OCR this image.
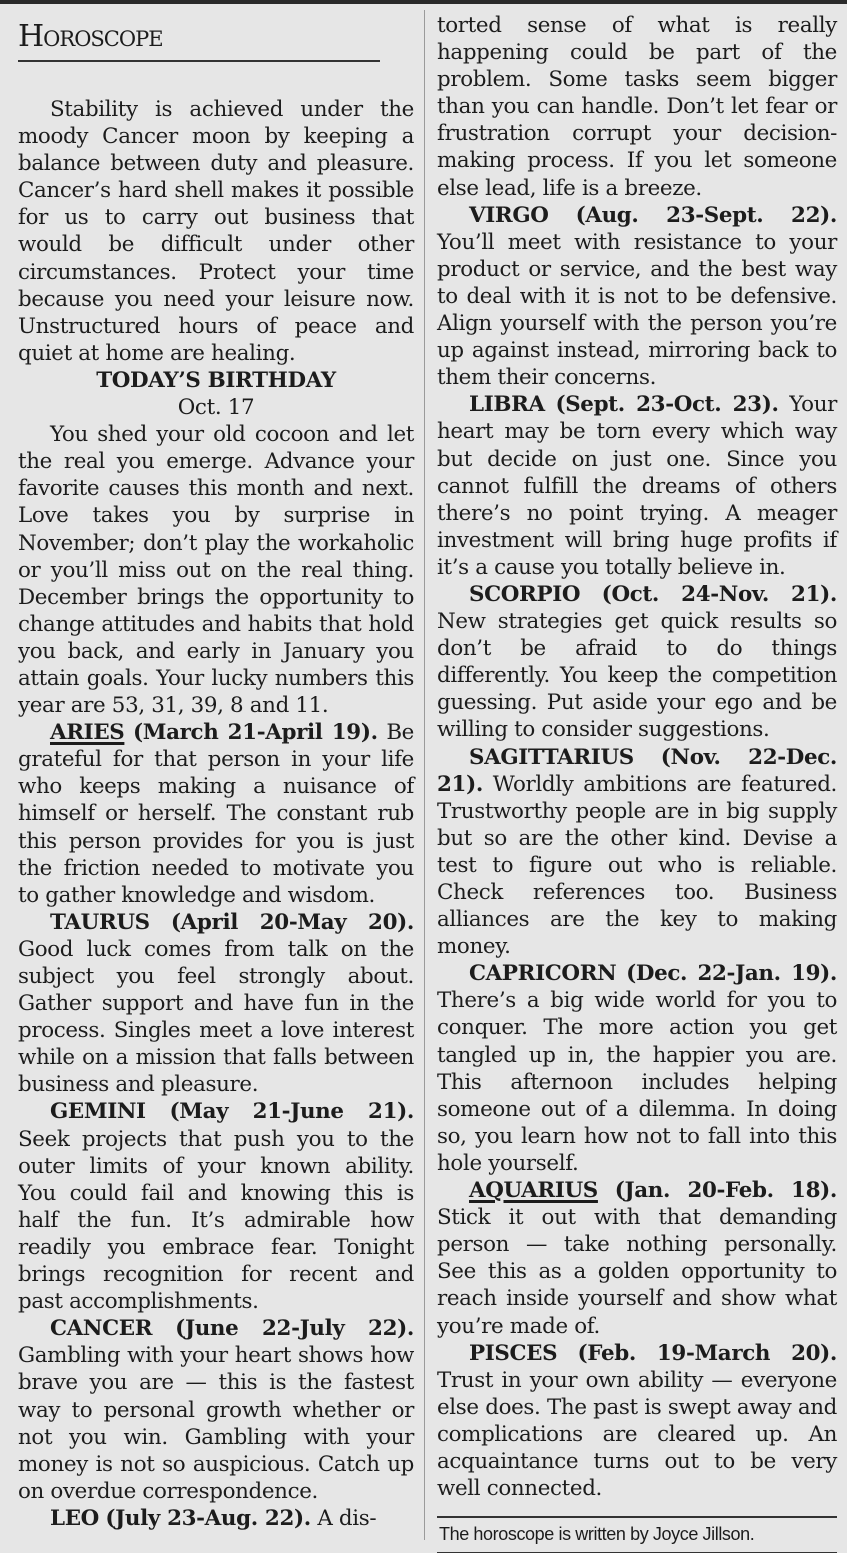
Horoscope

Stability is achieved under the moody Cancer moon by keeping a balance between duty and pleasure. Cancer’s hard shell makes it possible for us to carry out business that would be difficult under other circumstances. Protect your time because you need your leisure now. Unstructured hours of peace and quiet at home are healing.

TODAY’S BIRTHDAY

Oct. 17

You shed your old cocoon and let the real you emerge. Advance your favorite causes this month and next. Love takes you by surprise in November; don’t play the workaholic or you’ll miss out on the real thing. December brings the opportunity to change attitudes and habits that hold you back, and early in January you attain goals. Your lucky numbers this year are 53, 31, 39, 8 and 11.

ARIES (March 21-April 19). Be grateful for that person in your life who keeps making a nuisance of himself or herself. The constant rub this person provides for you is just the friction needed to motivate you to gather knowledge and wisdom.

TAURUS (April 20-May 20). Good luck comes from talk on the subject you feel strongly about. Gather support and have fun in the process. Singles meet a love interest while on a mission that falls between business and pleasure.

GEMINI (May 21-June 21). Seek projects that push you to the outer limits of your known ability. You could fail and knowing this is half the fun. It’s admirable how readily you embrace fear. Tonight brings recognition for recent and past accomplishments.

CANCER (June 22-July 22). Gambling with your heart shows how brave you are — this is the fastest way to personal growth whether or not you win. Gambling with your money is not so auspicious. Catch up on overdue correspondence.

LEO (July 23-Aug. 22). A dis-

torted sense of what is really happening could be part of the problem. Some tasks seem bigger than you can handle. Don’t let fear or frustration corrupt your decision-making process. If you let someone else lead, life is a breeze.

VIRGO (Aug. 23-Sept. 22). You’ll meet with resistance to your product or service, and the best way to deal with it is not to be defensive. Align yourself with the person you’re up against instead, mirroring back to them their concerns.

LIBRA (Sept. 23-Oct. 23). Your heart may be torn every which way but decide on just one. Since you cannot fulfill the dreams of others there’s no point trying. A meager investment will bring huge profits if it’s a cause you totally believe in.

SCORPIO (Oct. 24-Nov. 21). New strategies get quick results so don’t be afraid to do things differently. You keep the competition guessing. Put aside your ego and be willing to consider suggestions.

SAGITTARIUS (Nov. 22-Dec. 21). Worldly ambitions are featured. Trustworthy people are in big supply but so are the other kind. Devise a test to figure out who is reliable. Check references too. Business alliances are the key to making money.

CAPRICORN (Dec. 22-Jan. 19). There’s a big wide world for you to conquer. The more action you get tangled up in, the happier you are. This afternoon includes helping someone out of a dilemma. In doing so, you learn how not to fall into this hole yourself.

AQUARIUS (Jan. 20-Feb. 18). Stick it out with that demanding person — take nothing personally. See this as a golden opportunity to reach inside yourself and show what you’re made of.

PISCES (Feb. 19-March 20). Trust in your own ability — everyone else does. The past is swept away and complications are cleared up. An acquaintance turns out to be very well connected.

The horoscope is written by Joyce Jillson.
